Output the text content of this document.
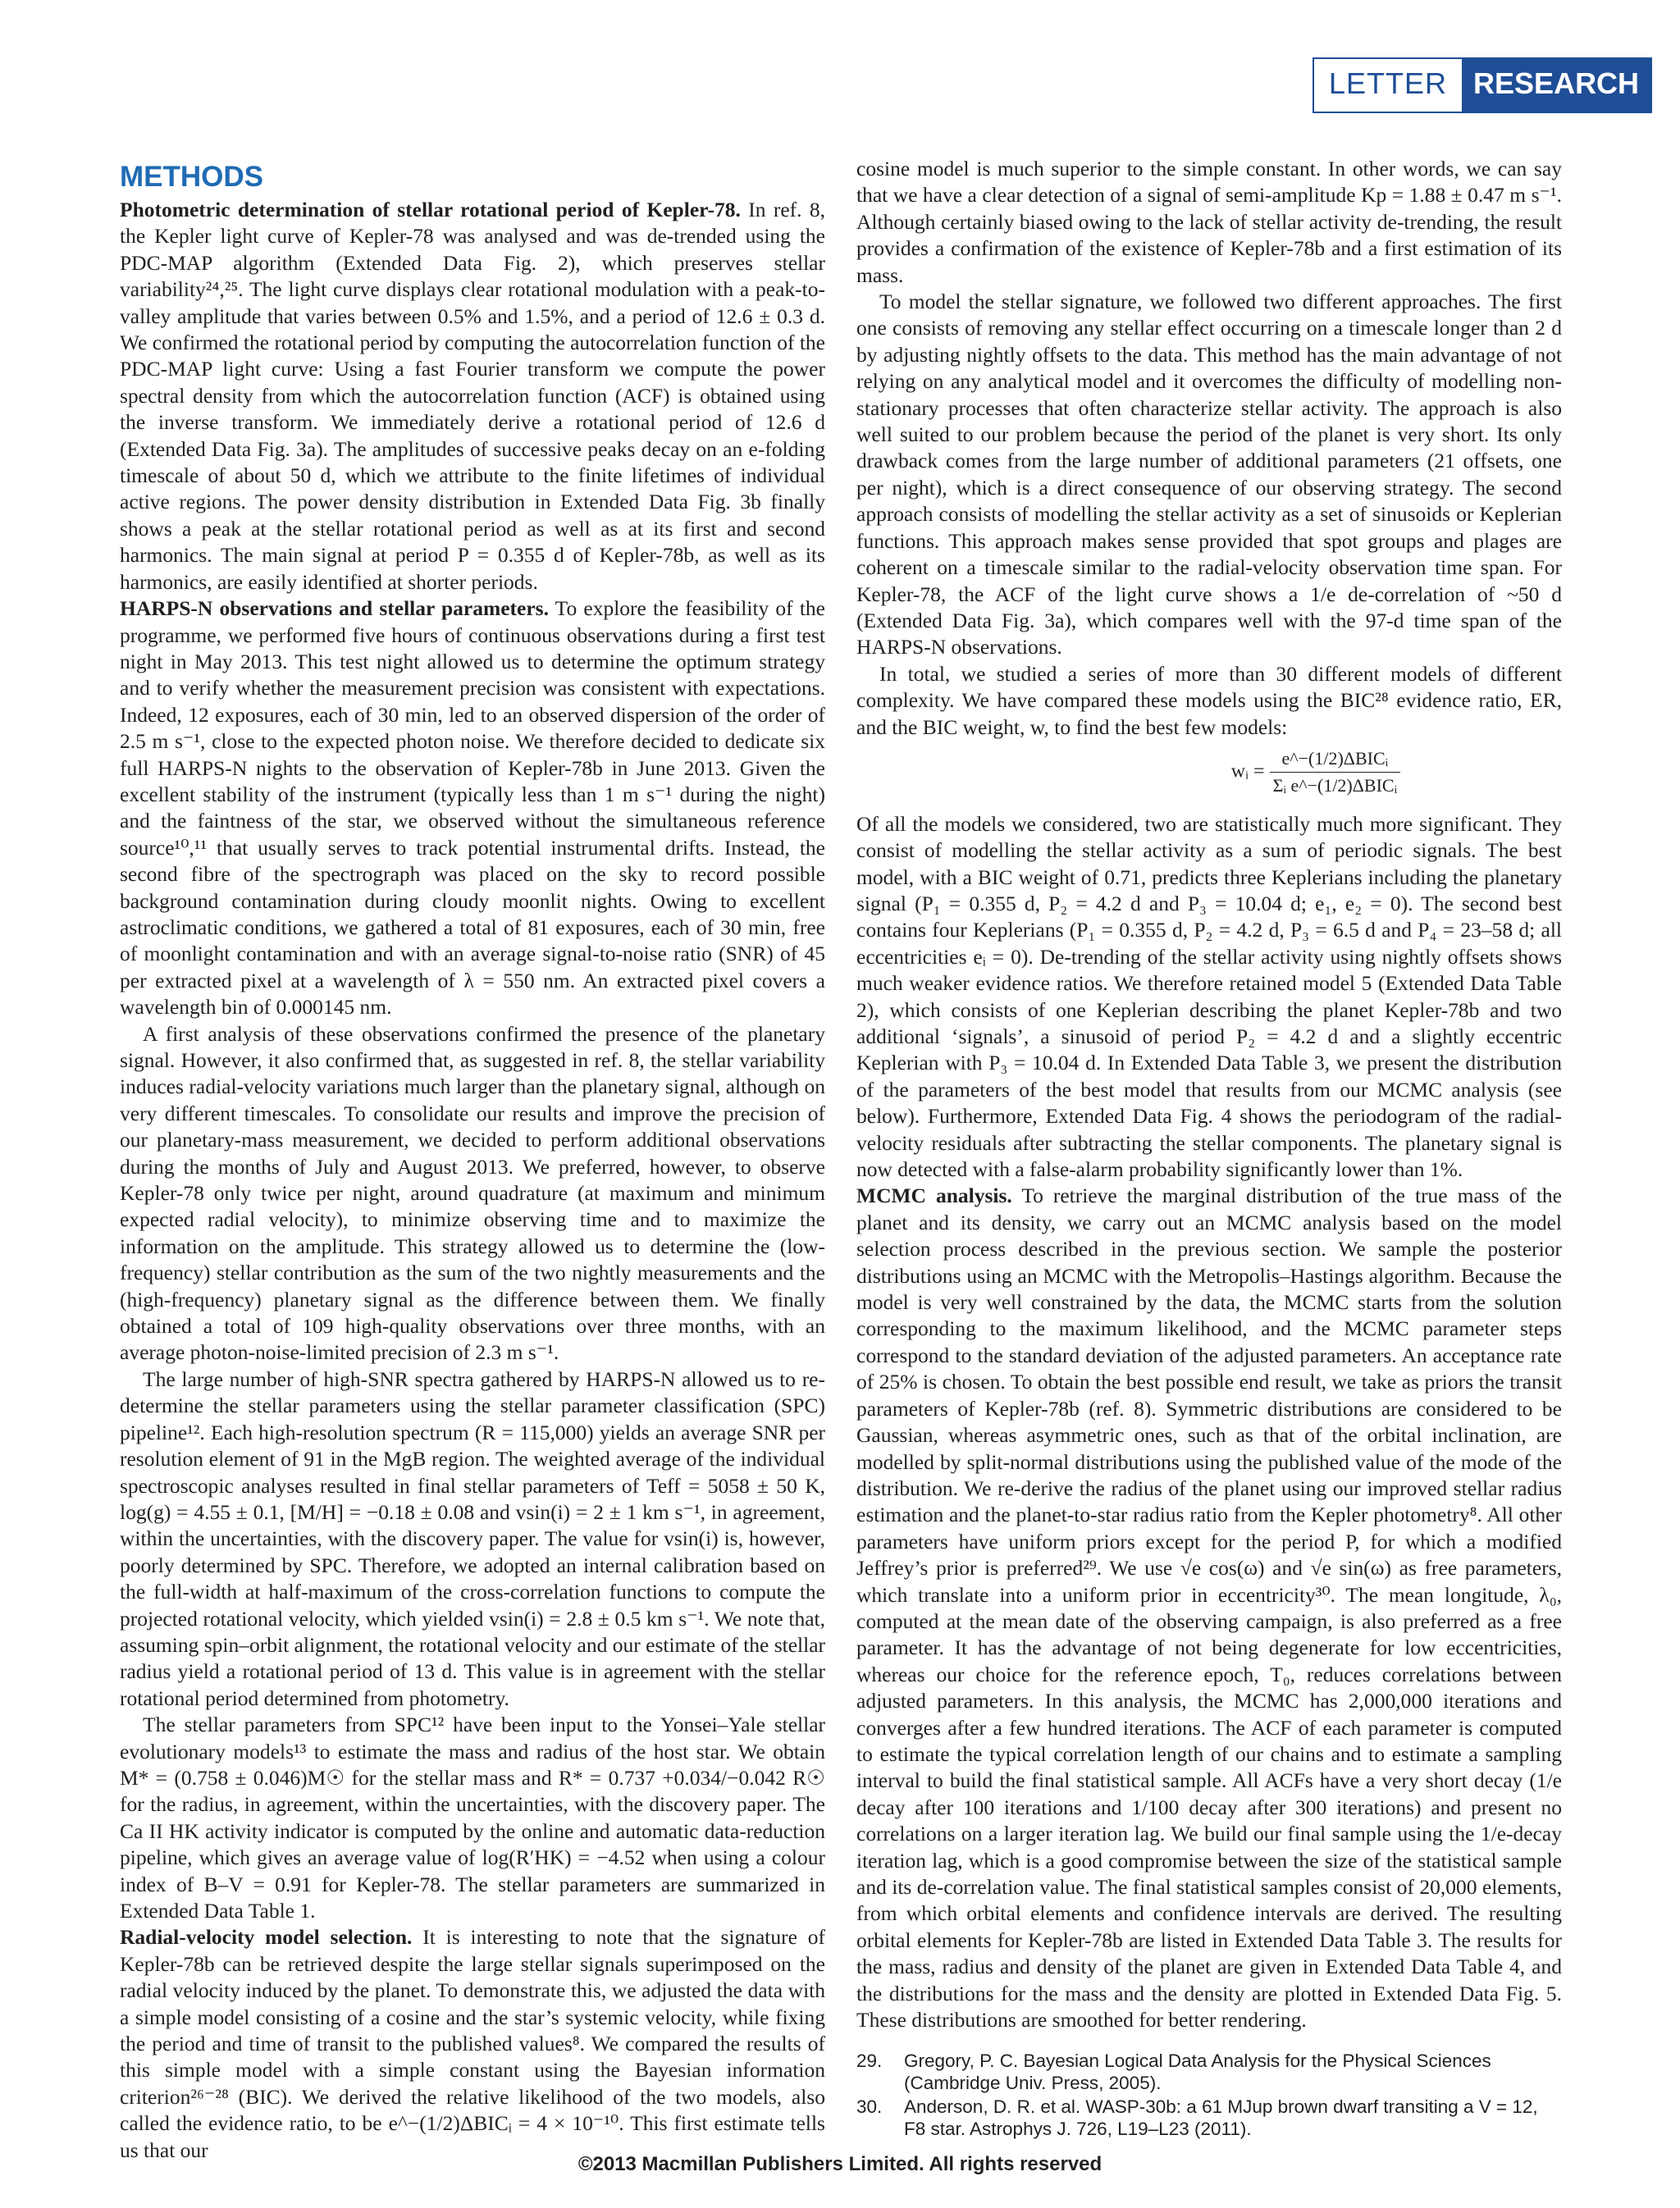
LETTER RESEARCH
METHODS

Photometric determination of stellar rotational period of Kepler-78. In ref. 8, the Kepler light curve of Kepler-78 was analysed and was de-trended using the PDC-MAP algorithm (Extended Data Fig. 2), which preserves stellar variability²⁴,²⁵. The light curve displays clear rotational modulation with a peak-to-valley amplitude that varies between 0.5% and 1.5%, and a period of 12.6 ± 0.3 d. We confirmed the rotational period by computing the autocorrelation function of the PDC-MAP light curve: Using a fast Fourier transform we compute the power spectral density from which the autocorrelation function (ACF) is obtained using the inverse transform. We immediately derive a rotational period of 12.6 d (Extended Data Fig. 3a). The amplitudes of successive peaks decay on an e-folding timescale of about 50 d, which we attribute to the finite lifetimes of individual active regions. The power density distribution in Extended Data Fig. 3b finally shows a peak at the stellar rotational period as well as at its first and second harmonics. The main signal at period P = 0.355 d of Kepler-78b, as well as its harmonics, are easily identified at shorter periods.

HARPS-N observations and stellar parameters. To explore the feasibility of the programme, we performed five hours of continuous observations during a first test night in May 2013. This test night allowed us to determine the optimum strategy and to verify whether the measurement precision was consistent with expectations. Indeed, 12 exposures, each of 30 min, led to an observed dispersion of the order of 2.5 m s⁻¹, close to the expected photon noise. We therefore decided to dedicate six full HARPS-N nights to the observation of Kepler-78b in June 2013. Given the excellent stability of the instrument (typically less than 1 m s⁻¹ during the night) and the faintness of the star, we observed without the simultaneous reference source¹⁰,¹¹ that usually serves to track potential instrumental drifts. Instead, the second fibre of the spectrograph was placed on the sky to record possible background contamination during cloudy moonlit nights. Owing to excellent astroclimatic conditions, we gathered a total of 81 exposures, each of 30 min, free of moonlight contamination and with an average signal-to-noise ratio (SNR) of 45 per extracted pixel at a wavelength of λ = 550 nm. An extracted pixel covers a wavelength bin of 0.000145 nm.

A first analysis of these observations confirmed the presence of the planetary signal. However, it also confirmed that, as suggested in ref. 8, the stellar variability induces radial-velocity variations much larger than the planetary signal, although on very different timescales. To consolidate our results and improve the precision of our planetary-mass measurement, we decided to perform additional observations during the months of July and August 2013. We preferred, however, to observe Kepler-78 only twice per night, around quadrature (at maximum and minimum expected radial velocity), to minimize observing time and to maximize the information on the amplitude. This strategy allowed us to determine the (low-frequency) stellar contribution as the sum of the two nightly measurements and the (high-frequency) planetary signal as the difference between them. We finally obtained a total of 109 high-quality observations over three months, with an average photon-noise-limited precision of 2.3 m s⁻¹.

The large number of high-SNR spectra gathered by HARPS-N allowed us to re-determine the stellar parameters using the stellar parameter classification (SPC) pipeline¹². Each high-resolution spectrum (R = 115,000) yields an average SNR per resolution element of 91 in the MgB region. The weighted average of the individual spectroscopic analyses resulted in final stellar parameters of Teff = 5058 ± 50 K, log(g) = 4.55 ± 0.1, [M/H] = −0.18 ± 0.08 and vsin(i) = 2 ± 1 km s⁻¹, in agreement, within the uncertainties, with the discovery paper. The value for vsin(i) is, however, poorly determined by SPC. Therefore, we adopted an internal calibration based on the full-width at half-maximum of the cross-correlation functions to compute the projected rotational velocity, which yielded vsin(i) = 2.8 ± 0.5 km s⁻¹. We note that, assuming spin–orbit alignment, the rotational velocity and our estimate of the stellar radius yield a rotational period of 13 d. This value is in agreement with the stellar rotational period determined from photometry.

The stellar parameters from SPC¹² have been input to the Yonsei–Yale stellar evolutionary models¹³ to estimate the mass and radius of the host star. We obtain M* = (0.758 ± 0.046)M☉ for the stellar mass and R* = 0.737 +0.034/−0.042 R☉ for the radius, in agreement, within the uncertainties, with the discovery paper. The Ca II HK activity indicator is computed by the online and automatic data-reduction pipeline, which gives an average value of log(R′HK) = −4.52 when using a colour index of B–V = 0.91 for Kepler-78. The stellar parameters are summarized in Extended Data Table 1.

Radial-velocity model selection. It is interesting to note that the signature of Kepler-78b can be retrieved despite the large stellar signals superimposed on the radial velocity induced by the planet. To demonstrate this, we adjusted the data with a simple model consisting of a cosine and the star’s systemic velocity, while fixing the period and time of transit to the published values⁸. We compared the results of this simple model with a simple constant using the Bayesian information criterion²⁶⁻²⁸ (BIC). We derived the relative likelihood of the two models, also called the evidence ratio, to be e^−(1/2)ΔBICᵢ = 4 × 10⁻¹⁰. This first estimate tells us that our

cosine model is much superior to the simple constant. In other words, we can say that we have a clear detection of a signal of semi-amplitude Kp = 1.88 ± 0.47 m s⁻¹. Although certainly biased owing to the lack of stellar activity de-trending, the result provides a confirmation of the existence of Kepler-78b and a first estimation of its mass.

To model the stellar signature, we followed two different approaches. The first one consists of removing any stellar effect occurring on a timescale longer than 2 d by adjusting nightly offsets to the data. This method has the main advantage of not relying on any analytical model and it overcomes the difficulty of modelling non-stationary processes that often characterize stellar activity. The approach is also well suited to our problem because the period of the planet is very short. Its only drawback comes from the large number of additional parameters (21 offsets, one per night), which is a direct consequence of our observing strategy. The second approach consists of modelling the stellar activity as a set of sinusoids or Keplerian functions. This approach makes sense provided that spot groups and plages are coherent on a timescale similar to the radial-velocity observation time span. For Kepler-78, the ACF of the light curve shows a 1/e de-correlation of ~50 d (Extended Data Fig. 3a), which compares well with the 97-d time span of the HARPS-N observations.

In total, we studied a series of more than 30 different models of different complexity. We have compared these models using the BIC²⁸ evidence ratio, ER, and the BIC weight, w, to find the best few models:

wᵢ = e^−(1/2)ΔBICᵢ
Σᵢ e^−(1/2)ΔBICᵢ

Of all the models we considered, two are statistically much more significant. They consist of modelling the stellar activity as a sum of periodic signals. The best model, with a BIC weight of 0.71, predicts three Keplerians including the planetary signal (P₁ = 0.355 d, P₂ = 4.2 d and P₃ = 10.04 d; e₁, e₂ = 0). The second best contains four Keplerians (P₁ = 0.355 d, P₂ = 4.2 d, P₃ = 6.5 d and P₄ = 23–58 d; all eccentricities eᵢ = 0). De-trending of the stellar activity using nightly offsets shows much weaker evidence ratios. We therefore retained model 5 (Extended Data Table 2), which consists of one Keplerian describing the planet Kepler-78b and two additional ‘signals’, a sinusoid of period P₂ = 4.2 d and a slightly eccentric Keplerian with P₃ = 10.04 d. In Extended Data Table 3, we present the distribution of the parameters of the best model that results from our MCMC analysis (see below). Furthermore, Extended Data Fig. 4 shows the periodogram of the radial-velocity residuals after subtracting the stellar components. The planetary signal is now detected with a false-alarm probability significantly lower than 1%.

MCMC analysis. To retrieve the marginal distribution of the true mass of the planet and its density, we carry out an MCMC analysis based on the model selection process described in the previous section. We sample the posterior distributions using an MCMC with the Metropolis–Hastings algorithm. Because the model is very well constrained by the data, the MCMC starts from the solution corresponding to the maximum likelihood, and the MCMC parameter steps correspond to the standard deviation of the adjusted parameters. An acceptance rate of 25% is chosen. To obtain the best possible end result, we take as priors the transit parameters of Kepler-78b (ref. 8). Symmetric distributions are considered to be Gaussian, whereas asymmetric ones, such as that of the orbital inclination, are modelled by split-normal distributions using the published value of the mode of the distribution. We re-derive the radius of the planet using our improved stellar radius estimation and the planet-to-star radius ratio from the Kepler photometry⁸. All other parameters have uniform priors except for the period P, for which a modified Jeffrey’s prior is preferred²⁹. We use √e cos(ω) and √e sin(ω) as free parameters, which translate into a uniform prior in eccentricity³⁰. The mean longitude, λ₀, computed at the mean date of the observing campaign, is also preferred as a free parameter. It has the advantage of not being degenerate for low eccentricities, whereas our choice for the reference epoch, T₀, reduces correlations between adjusted parameters. In this analysis, the MCMC has 2,000,000 iterations and converges after a few hundred iterations. The ACF of each parameter is computed to estimate the typical correlation length of our chains and to estimate a sampling interval to build the final statistical sample. All ACFs have a very short decay (1/e decay after 100 iterations and 1/100 decay after 300 iterations) and present no correlations on a larger iteration lag. We build our final sample using the 1/e-decay iteration lag, which is a good compromise between the size of the statistical sample and its de-correlation value. The final statistical samples consist of 20,000 elements, from which orbital elements and confidence intervals are derived. The resulting orbital elements for Kepler-78b are listed in Extended Data Table 3. The results for the mass, radius and density of the planet are given in Extended Data Table 4, and the distributions for the mass and the density are plotted in Extended Data Fig. 5. These distributions are smoothed for better rendering.

29.	Gregory, P. C. Bayesian Logical Data Analysis for the Physical Sciences (Cambridge Univ. Press, 2005).
30.	Anderson, D. R. et al. WASP-30b: a 61 MJup brown dwarf transiting a V = 12, F8 star. Astrophys J. 726, L19–L23 (2011).
©2013 Macmillan Publishers Limited. All rights reserved
